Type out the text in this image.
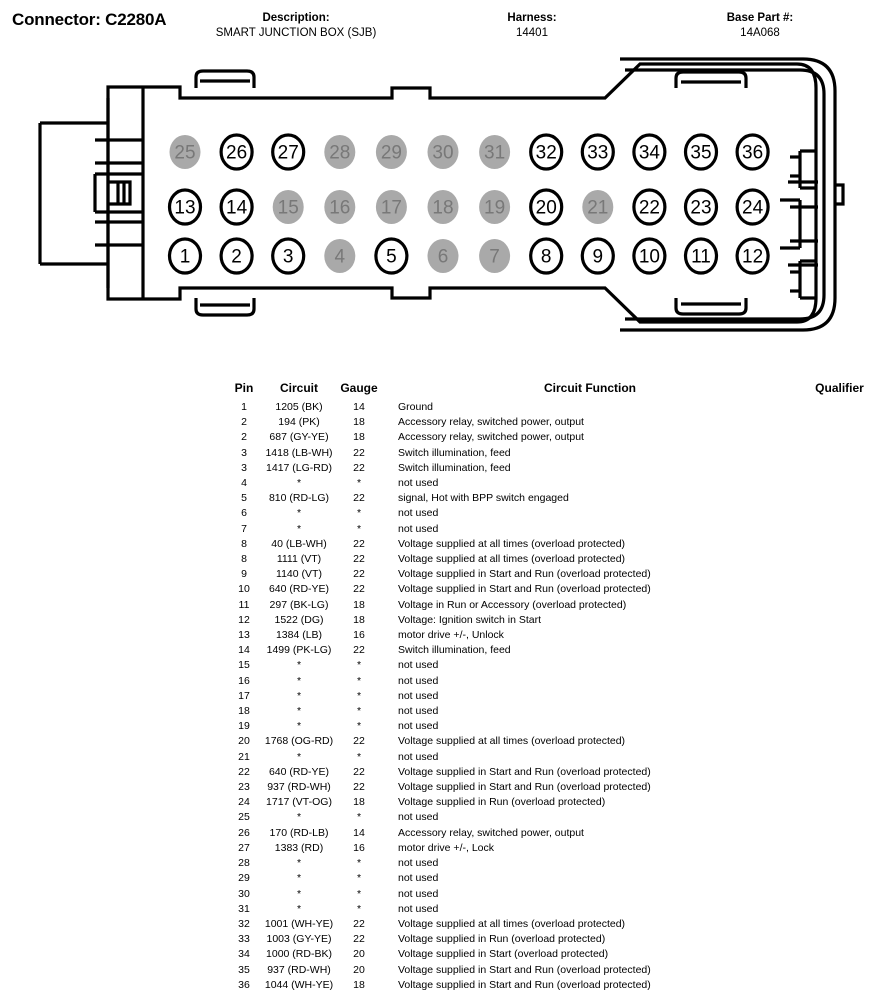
Connector: C2280A	Description:
SMART JUNCTION BOX (SJB)
Harness:
14401
Base Part #:
14A068
25 26 27 28 29 30 31 32 33 34 35 36
13 14 15 16 17 18 19 20 21 22 23 24
1 2 3 4 5 6 7 8 9 10 11 12
	Pin	Circuit	Gauge	Circuit Function	Qualifier
	1	1205 (BK)	14	Ground	
	2	194 (PK)	18	Accessory relay, switched power, output	
	2	687 (GY-YE)	18	Accessory relay, switched power, output	
	3	1418 (LB-WH)	22	Switch illumination, feed	
	3	1417 (LG-RD)	22	Switch illumination, feed	
	4	*	*	not used	
	5	810 (RD-LG)	22	signal, Hot with BPP switch engaged	
	6	*	*	not used	
	7	*	*	not used	
	8	40 (LB-WH)	22	Voltage supplied at all times (overload protected)	
	8	1111 (VT)	22	Voltage supplied at all times (overload protected)	
	9	1140 (VT)	22	Voltage supplied in Start and Run (overload protected)	
	10	640 (RD-YE)	22	Voltage supplied in Start and Run (overload protected)	
	11	297 (BK-LG)	18	Voltage in Run or Accessory (overload protected)	
	12	1522 (DG)	18	Voltage: Ignition switch in Start	
	13	1384 (LB)	16	motor drive +/-, Unlock	
	14	1499 (PK-LG)	22	Switch illumination, feed	
	15	*	*	not used	
	16	*	*	not used	
	17	*	*	not used	
	18	*	*	not used	
	19	*	*	not used	
	20	1768 (OG-RD)	22	Voltage supplied at all times (overload protected)	
	21	*	*	not used	
	22	640 (RD-YE)	22	Voltage supplied in Start and Run (overload protected)	
	23	937 (RD-WH)	22	Voltage supplied in Start and Run (overload protected)	
	24	1717 (VT-OG)	18	Voltage supplied in Run (overload protected)	
	25	*	*	not used	
	26	170 (RD-LB)	14	Accessory relay, switched power, output	
	27	1383 (RD)	16	motor drive +/-, Lock	
	28	*	*	not used	
	29	*	*	not used	
	30	*	*	not used	
	31	*	*	not used	
	32	1001 (WH-YE)	22	Voltage supplied at all times (overload protected)	
	33	1003 (GY-YE)	22	Voltage supplied in Run (overload protected)	
	34	1000 (RD-BK)	20	Voltage supplied in Start (overload protected)	
	35	937 (RD-WH)	20	Voltage supplied in Start and Run (overload protected)	
	36	1044 (WH-YE)	18	Voltage supplied in Start and Run (overload protected)	
